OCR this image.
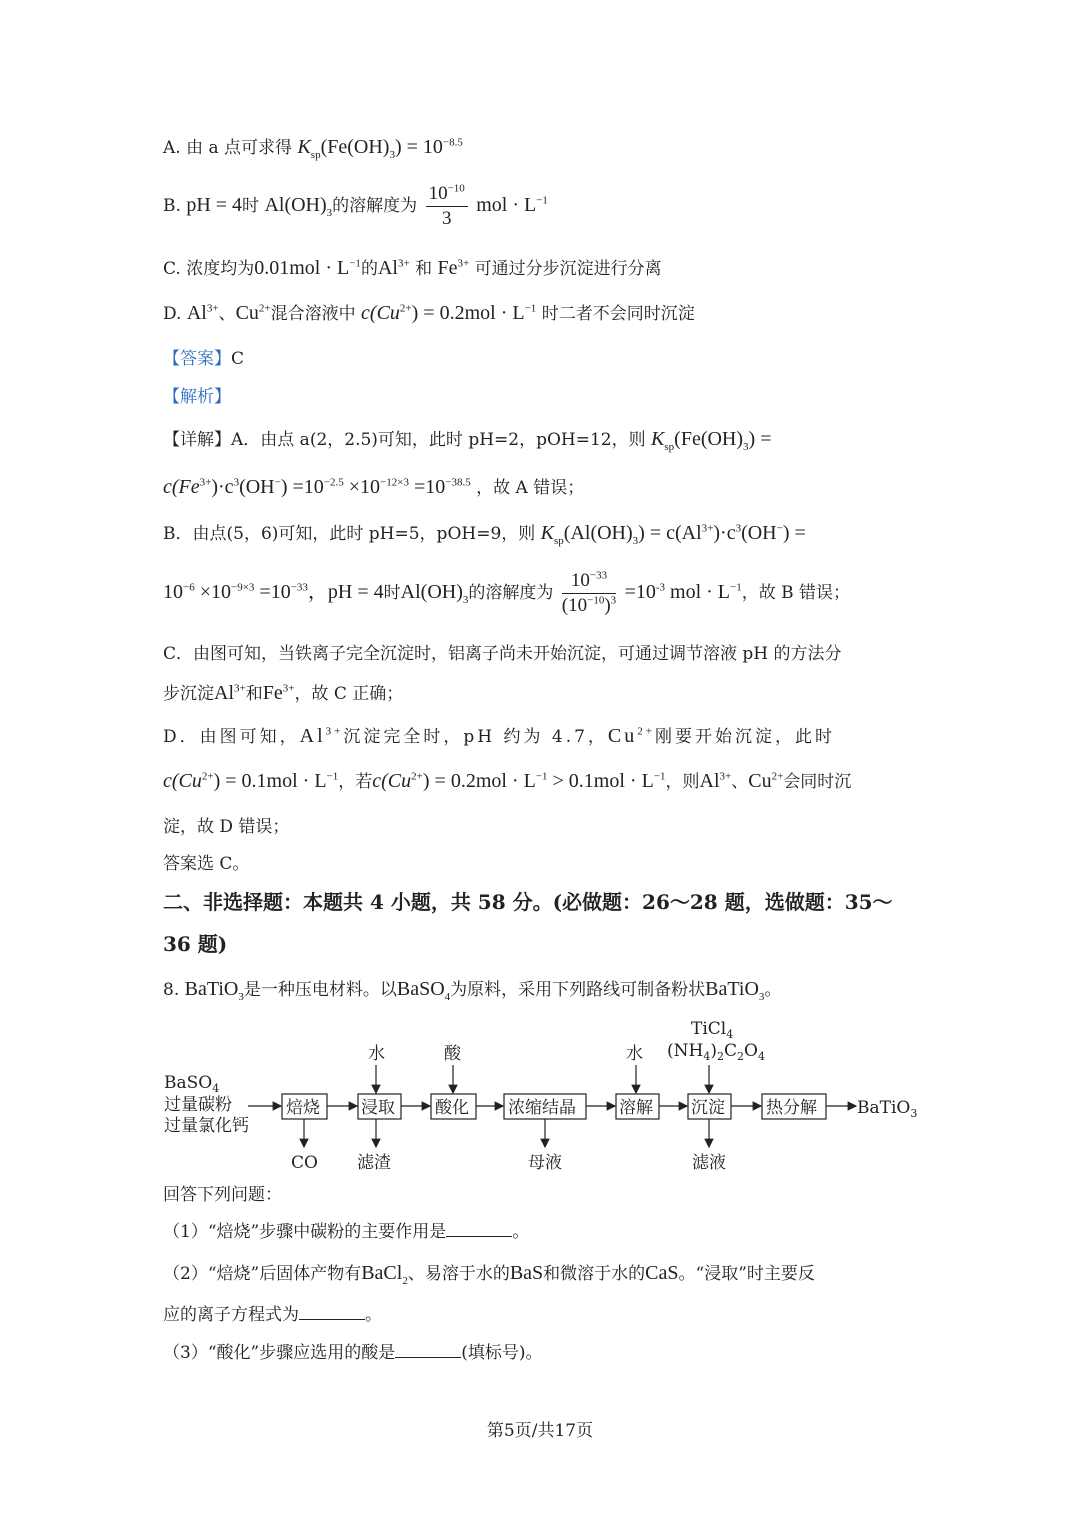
A. 由 a 点可求得 $K_{sp}(Fe(OH)_3) = 10^{-8.5}$
B. pH = 4时 $Al(OH)_3$的溶解度为 $\frac{10^{-10}}{3}$ mol · $L^{-1}$
C. 浓度均为$0.01mol \cdot L^{-1}$的$Al^{3+}$ 和 $Fe^{3+}$ 可通过分步沉淀进行分离
D. $Al^{3+}$、$Cu^{2+}$混合溶液中 $c(Cu^{2+}) = 0.2mol \cdot L^{-1}$ 时二者不会同时沉淀
【答案】C
【解析】
【详解】A．由点 a(2，2.5)可知，此时 pH=2，pOH=12，则 $K_{sp}(Fe(OH)_3)$ =
$c(Fe^{3+})\cdot c^3(OH^-) =10^{-2.5} \times 10^{-12\times 3} =10^{-38.5}$ ，故 A 错误；
B．由点(5，6)可知，此时 pH=5，pOH=9，则 $K_{sp}(Al(OH)_3) = c(Al^{3+})\cdot c^3(OH^-)$ =
$10^{-6} \times 10^{-9\times 3} =10^{-33}$，pH = 4时$Al(OH)_3$的溶解度为 $\frac{10^{-33}}{(10^{-10})^3} =10^{-3}$ mol · $L^{-1}$，故 B 错误；
C．由图可知，当铁离子完全沉淀时，铝离子尚未开始沉淀，可通过调节溶液 pH 的方法分
步沉淀$Al^{3+}$和$Fe^{3+}$，故 C 正确；
D．由图可知，$Al^{3+}$沉淀完全时，pH 约为 4.7，$Cu^{2+}$刚要开始沉淀，此时
$c(Cu^{2+}) = 0.1mol \cdot L^{-1}$，若$c(Cu^{2+}) = 0.2mol \cdot L^{-1} > 0.1mol \cdot L^{-1}$，则$Al^{3+}$、$Cu^{2+}$会同时沉
淀，故 D 错误；
答案选 C。
二、非选择题：本题共 4 小题，共 58 分。(必做题：26～28 题，选做题：35～
36 题)
8. BaTiO$_3$是一种压电材料。以BaSO$_4$为原料，采用下列路线可制备粉状BaTiO$_3$。
BaSO$_4$
过量碳粉
过量氯化钙
焙烧 浸取 酸化 浓缩结晶	溶解 沉淀 热分解 BaTiO$_3$
水	酸	水
TiCl$_4$
$(NH_4)_2C_2O_4$
CO 滤渣	母液	滤液
回答下列问题：
（1）“焙烧”步骤中碳粉的主要作用是	。
（2）“焙烧”后固体产物有BaCl$_2$、易溶于水的BaS和微溶于水的CaS。“浸取”时主要反
应的离子方程式为	。
（3）“酸化”步骤应选用的酸是	(填标号)。
第5页/共17页
